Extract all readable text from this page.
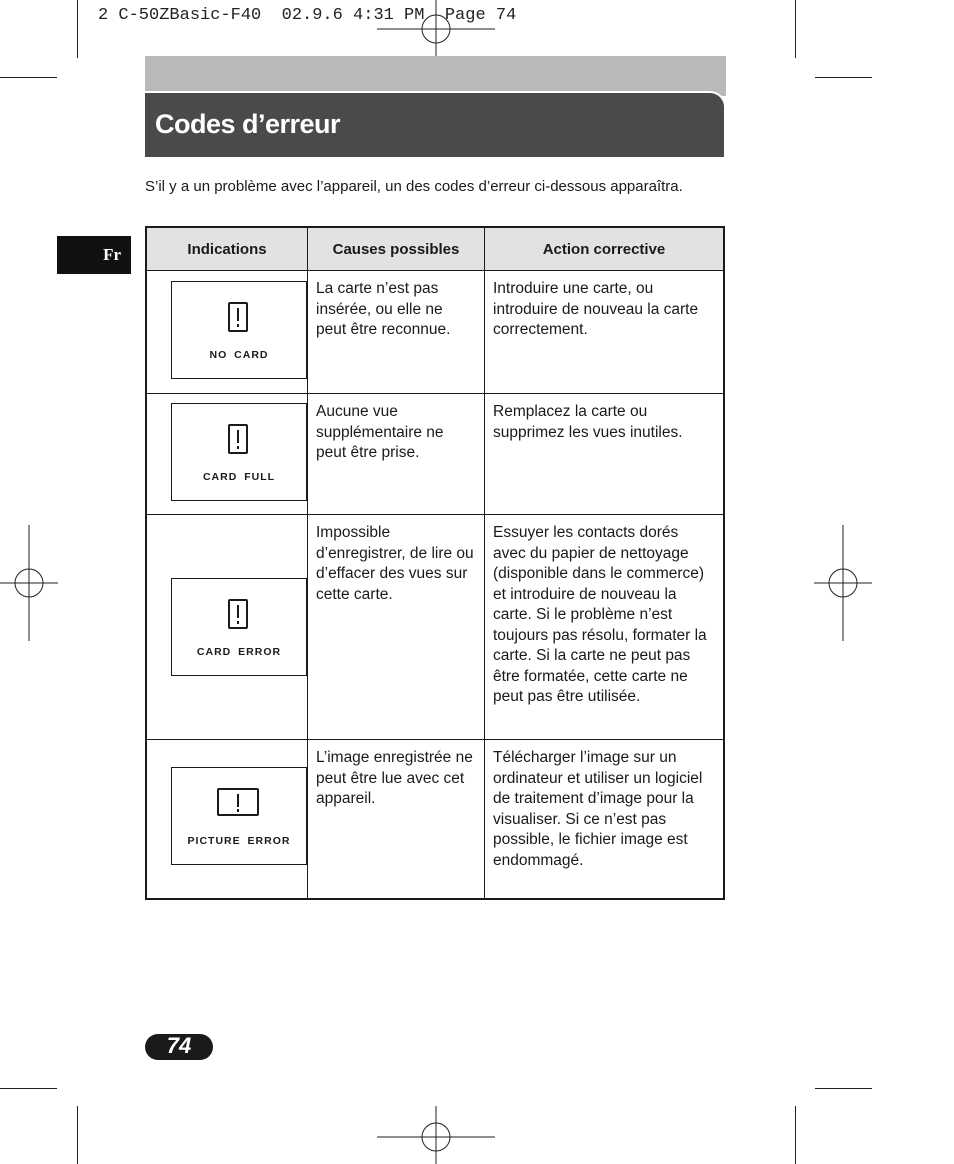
2 C-50ZBasic-F40  02.9.6 4:31 PM  Page 74
Codes d’erreur
S’il y a un problème avec l’appareil, un des codes d’erreur ci-dessous apparaîtra.
Fr	Indications	Causes possibles	Action corrective

NO CARD	La carte n’est pas insérée, ou elle ne peut être reconnue.	Introduire une carte, ou introduire de nouveau la carte correctement.

CARD FULL	Aucune vue supplémentaire ne peut être prise.	Remplacez la carte ou supprimez les vues inutiles.

CARD ERROR	Impossible d’enregistrer, de lire ou d’effacer des vues sur cette carte.	Essuyer les contacts dorés avec du papier de nettoyage (disponible dans le commerce) et introduire de nouveau la carte. Si le problème n’est toujours pas résolu, formater la carte. Si la carte ne peut pas être formatée, cette carte ne peut pas être utilisée.

PICTURE ERROR	L’image enregistrée ne peut être lue avec cet appareil.	Télécharger l’image sur un ordinateur et utiliser un logiciel de traitement d’image pour la visualiser. Si ce n’est pas possible, le fichier image est endommagé.
74
